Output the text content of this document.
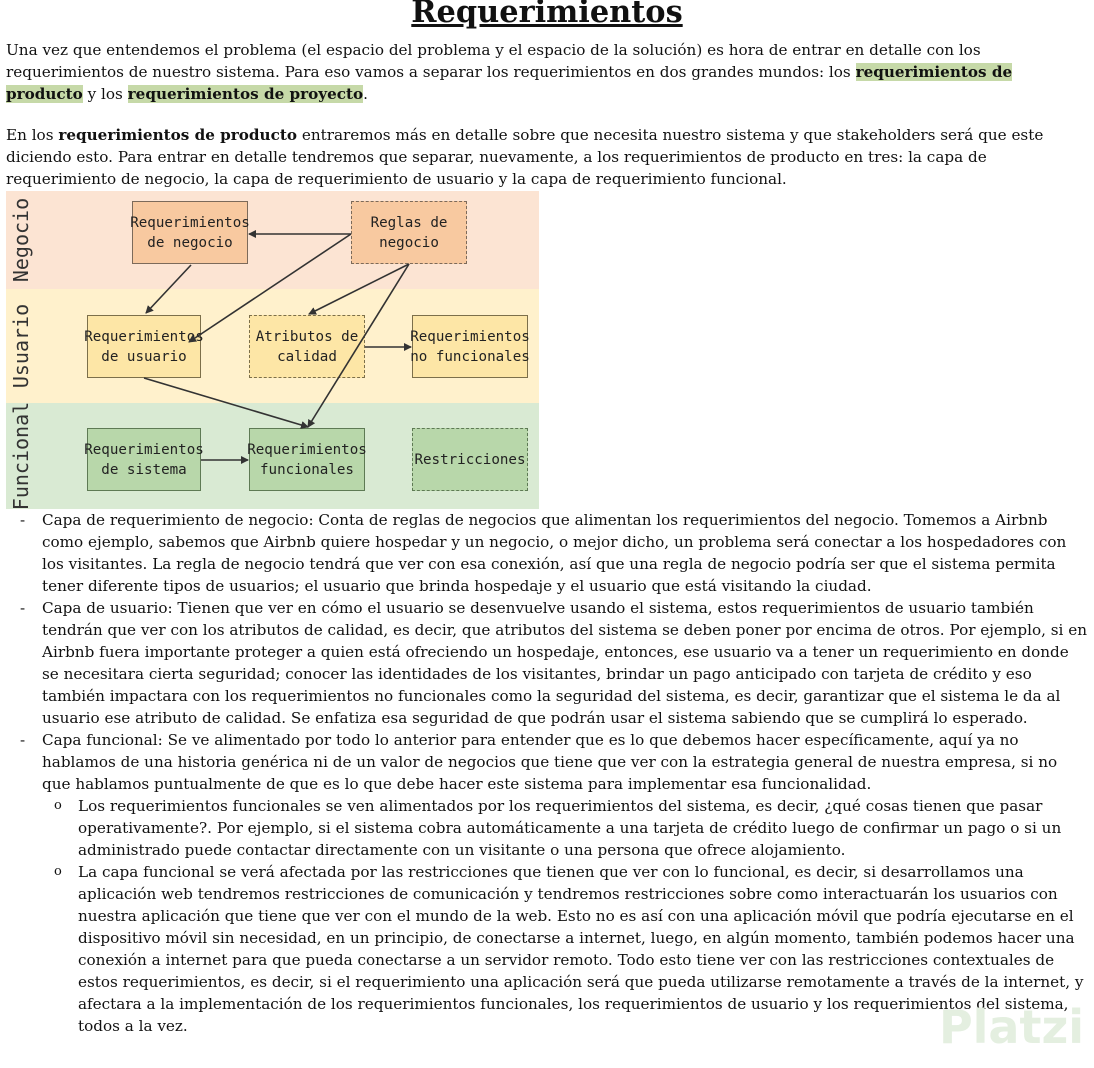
Requerimientos

Una vez que entendemos el problema (el espacio del problema y el espacio de la solución) es hora de entrar en detalle con los requerimientos de nuestro sistema. Para eso vamos a separar los requerimientos en dos grandes mundos: los requerimientos de producto y los requerimientos de proyecto.

En los requerimientos de producto entraremos más en detalle sobre que necesita nuestro sistema y que stakeholders será que este diciendo esto. Para entrar en detalle tendremos que separar, nuevamente, a los requerimientos de producto en tres: la capa de requerimiento de negocio, la capa de requerimiento de usuario y la capa de requerimiento funcional.

Negocio
Usuario
Funcional
Requerimientos
de negocio
Reglas de
negocio
Requerimientos
de usuario
Atributos de
calidad
Requerimientos
no funcionales
Requerimientos
de sistema
Requerimientos
funcionales
Restricciones
- Capa de requerimiento de negocio: Conta de reglas de negocios que alimentan los requerimientos del negocio. Tomemos a Airbnb como ejemplo, sabemos que Airbnb quiere hospedar y un negocio, o mejor dicho, un problema será conectar a los hospedadores con los visitantes. La regla de negocio tendrá que ver con esa conexión, así que una regla de negocio podría ser que el sistema permita tener diferente tipos de usuarios; el usuario que brinda hospedaje y el usuario que está visitando la ciudad.
- Capa de usuario: Tienen que ver en cómo el usuario se desenvuelve usando el sistema, estos requerimientos de usuario también tendrán que ver con los atributos de calidad, es decir, que atributos del sistema se deben poner por encima de otros. Por ejemplo, si en Airbnb fuera importante proteger a quien está ofreciendo un hospedaje, entonces, ese usuario va a tener un requerimiento en donde se necesitara cierta seguridad; conocer las identidades de los visitantes, brindar un pago anticipado con tarjeta de crédito y eso también impactara con los requerimientos no funcionales como la seguridad del sistema, es decir, garantizar que el sistema le da al usuario ese atributo de calidad. Se enfatiza esa seguridad de que podrán usar el sistema sabiendo que se cumplirá lo esperado.
- Capa funcional: Se ve alimentado por todo lo anterior para entender que es lo que debemos hacer específicamente, aquí ya no hablamos de una historia genérica ni de un valor de negocios que tiene que ver con la estrategia general de nuestra empresa, si no que hablamos puntualmente de que es lo que debe hacer este sistema para implementar esa funcionalidad.
o Los requerimientos funcionales se ven alimentados por los requerimientos del sistema, es decir, ¿qué cosas tienen que pasar operativamente?. Por ejemplo, si el sistema cobra automáticamente a una tarjeta de crédito luego de confirmar un pago o si un administrado puede contactar directamente con un visitante o una persona que ofrece alojamiento.
o La capa funcional se verá afectada por las restricciones que tienen que ver con lo funcional, es decir, si desarrollamos una aplicación web tendremos restricciones de comunicación y tendremos restricciones sobre como interactuarán los usuarios con nuestra aplicación que tiene que ver con el mundo de la web. Esto no es así con una aplicación móvil que podría ejecutarse en el dispositivo móvil sin necesidad, en un principio, de conectarse a internet, luego, en algún momento, también podemos hacer una conexión a internet para que pueda conectarse a un servidor remoto. Todo esto tiene ver con las restricciones contextuales de estos requerimientos, es decir, si el requerimiento una aplicación será que pueda utilizarse remotamente a través de la internet, y afectara a la implementación de los requerimientos funcionales, los requerimientos de usuario y los requerimientos del sistema, todos a la vez.	Platzi
